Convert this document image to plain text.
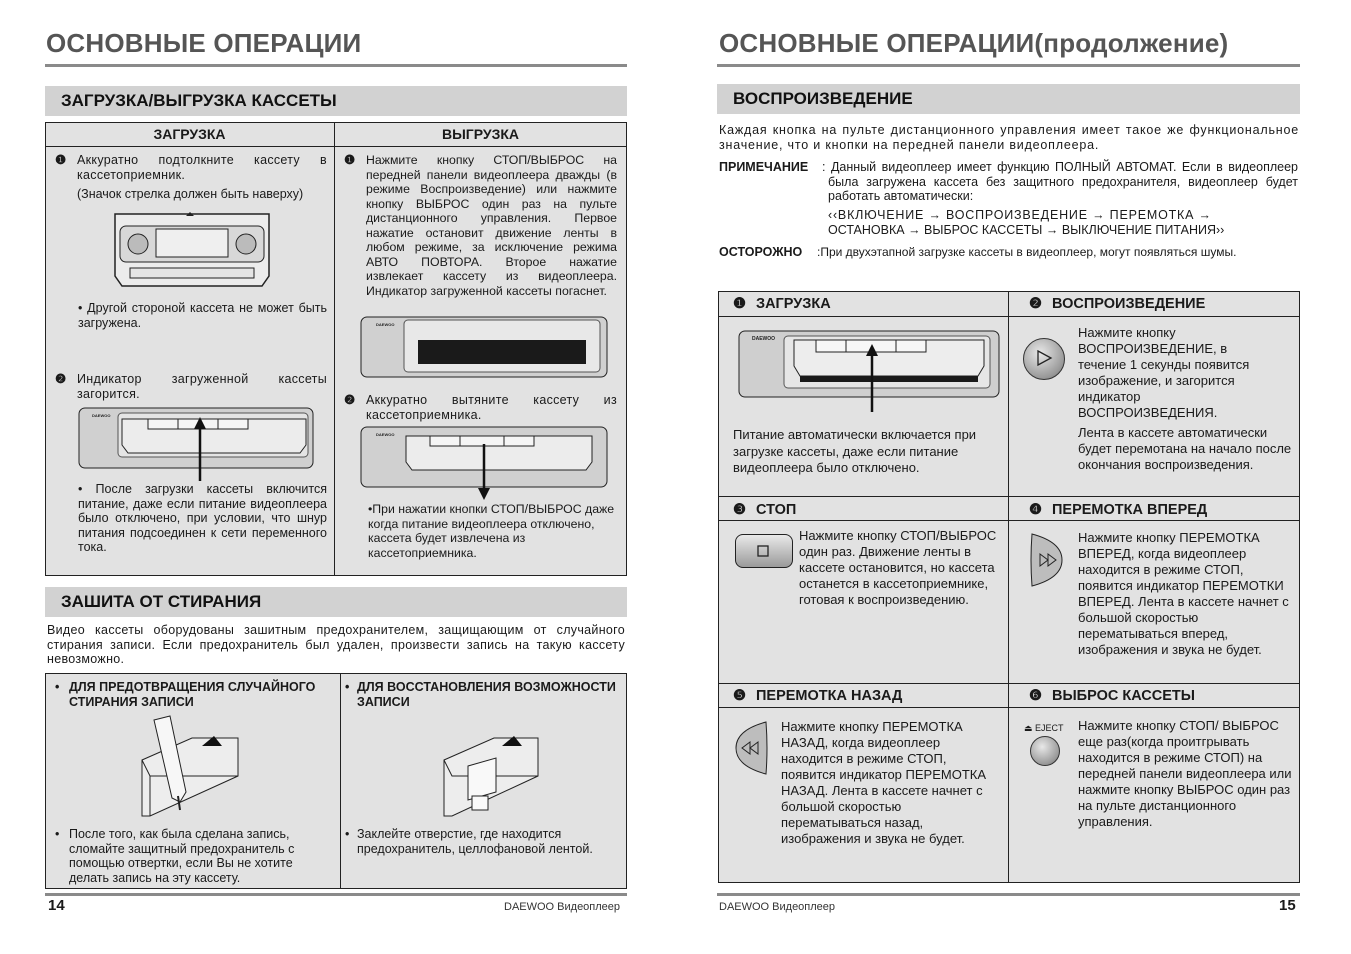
ОСНОВНЫЕ ОПЕРАЦИИ
ЗАГРУЗКА/ВЫГРУЗКА КАССЕТЫ
ЗАГРУЗКА	ВЫГРУЗКА
❶ Аккуратно подтолкните кассету в кассетоприемник.
(Значок стрелка должен быть наверху)
• Другой стороной кассета не может быть загружена.
❷ Индикатор загруженной кассеты загорится.
DAEWOO
• После загрузки кассеты включится питание, даже если питание видеоплеера было отключено, при условии, что шнур питания подсоединен к сети переменного тока.
❶ Нажмите кнопку СТОП/ВЫБРОС на передней панели видеоплеера дважды (в режиме Воспроизведение) или нажмите кнопку ВЫБРОС один раз на пульте дистанционного управления. Первое нажатие остановит движение ленты в любом режиме, за исключение режима АВТО ПОВТОРА. Второе нажатие извлекает кассету из видеоплеера. Индикатор загруженной кассеты погаснет.
DAEWOO
❷ Аккуратно вытяните кассету из кассетоприемника.
DAEWOO
•При нажатии кнопки СТОП/ВЫБРОС даже когда питание видеоплеера отключено, кассета будет извлечена из кассетоприемника.
ЗАШИТА ОТ СТИРАНИЯ
Видео кассеты оборудованы зашитным предохранителем, защищающим от случайного стирания записи. Если предохранитель был удален, произвести запись на такую кассету невозможно.
• ДЛЯ ПРЕДОТВРАЩЕНИЯ СЛУЧАЙНОГО СТИРАНИЯ ЗАПИСИ
• После того, как была сделана запись, сломайте защитный предохранитель с помощью отвертки, если Вы не хотите делать запись на эту кассету.
• ДЛЯ ВОССТАНОВЛЕНИЯ ВОЗМОЖНОСТИ ЗАПИСИ
• Заклейте отверстие, где находится предохранитель, целлофановой лентой.
14	DAEWOO Видеоплеер
ОСНОВНЫЕ ОПЕРАЦИИ(продолжение)
ВОСПРОИЗВЕДЕНИЕ
Каждая кнопка на пульте дистанционного управления имеет такое же функциональное значение, что и кнопки на передней панели видеоплеера.
ПРИМЕЧАНИЕ : Данный видеоплеер имеет функцию ПОЛНЫЙ АВТОМАТ. Если в видеоплеер была загружена кассета без защитного предохранителя, видеоплеер будет работать автоматически:
‹‹ВКЛЮЧЕНИЕ → ВОСПРОИЗВЕДЕНИЕ → ПЕРЕМОТКА →
ОСТАНОВКА → ВЫБРОС КАССЕТЫ → ВЫКЛЮЧЕНИЕ ПИТАНИЯ››
ОСТОРОЖНО :При двухэтапной загрузке кассеты в видеоплеер, могут появляться шумы.
❶ ЗАГРУЗКА
DAEWOO
Питание автоматически включается при загрузке кассеты, даже если питание видеоплеера было отключено.
❷ ВОСПРОИЗВЕДЕНИЕ
Нажмите кнопку ВОСПРОИЗВЕДЕНИЕ, в течение 1 секунды появится изображение, и загорится индикатор ВОСПРОИЗВЕДЕНИЯ.
Лента в кассете автоматически будет перемотана на начало после окончания воспроизведения.
❸ СТОП
Нажмите кнопку СТОП/ВЫБРОС один раз. Движение ленты в кассете остановится, но кассета останется в кассетоприемнике, готовая к воспроизведению.
❹ ПЕРЕМОТКА ВПЕРЕД
Нажмите кнопку ПЕРЕМОТКА ВПЕРЕД, когда видеоплеер находится в режиме СТОП, появится индикатор ПЕРЕМОТКИ ВПЕРЕД. Лента в кассете начнет с большой скоростью перематываться вперед, изображения и звука не будет.
❺ ПЕРЕМОТКА НАЗАД
Нажмите кнопку ПЕРЕМОТКА НАЗАД, когда видеоплеер находится в режиме СТОП, появится индикатор ПЕРЕМОТКА НАЗАД. Лента в кассете начнет с большой скоростью перематываться назад, изображения и звука не будет.
❻ ВЫБРОС КАССЕТЫ
⏏ EJECT Нажмите кнопку СТОП/ ВЫБРОС еще раз(когда проитгрывать находится в режиме СТОП) на передней панели видеоплеера или нажмите кнопку ВЫБРОС один раз на пульте дистанционного управления.
DAEWOO Видеоплеер	15
